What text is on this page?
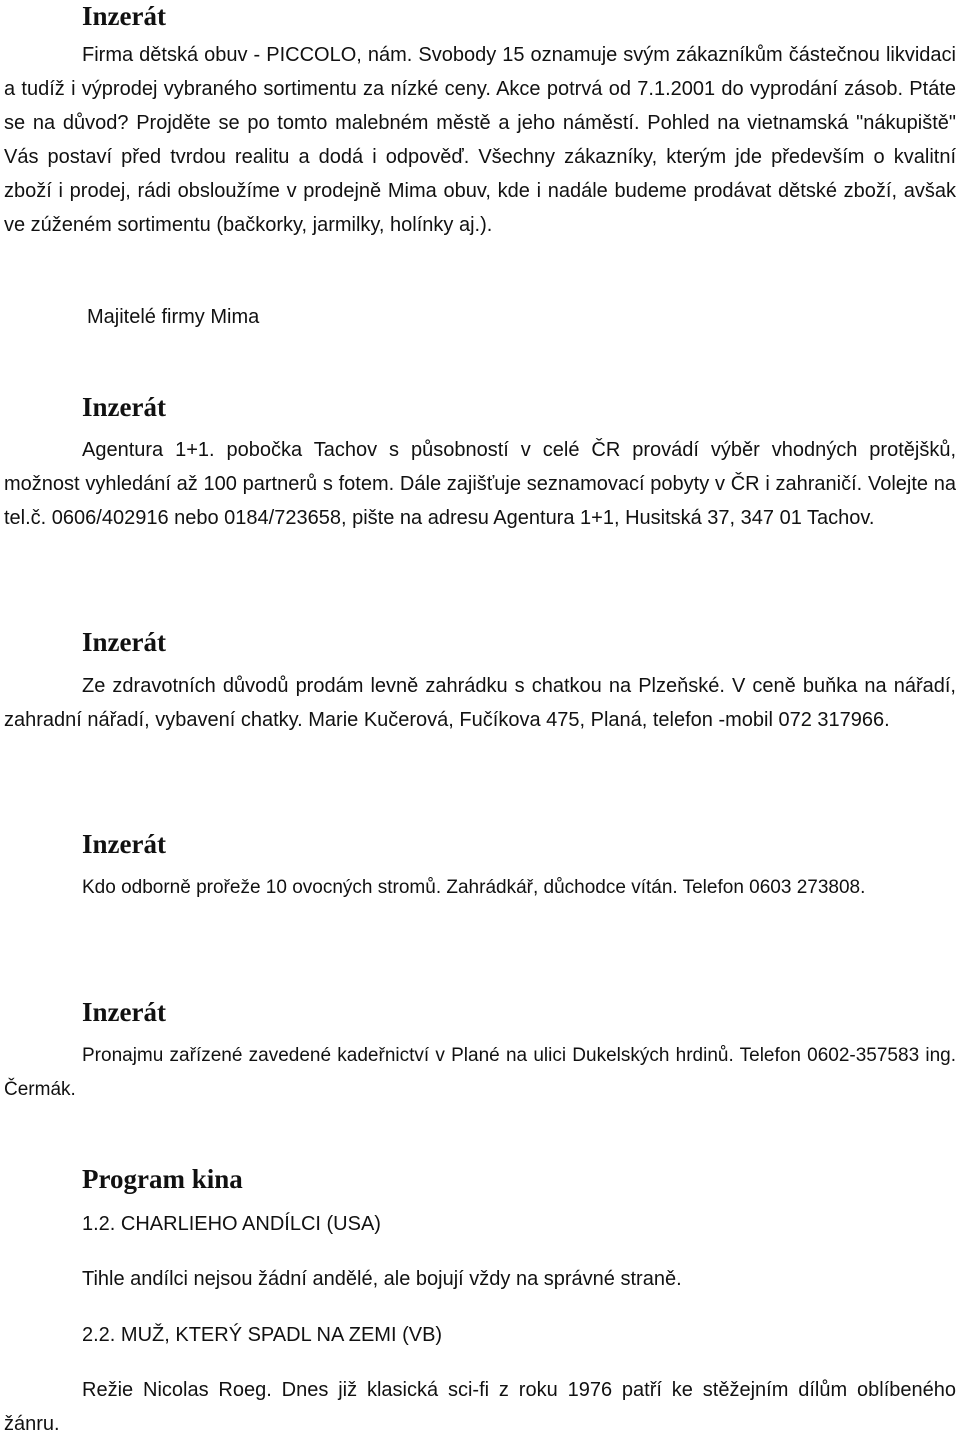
Inzerát

Firma dětská obuv - PICCOLO, nám. Svobody 15 oznamuje svým zákazníkům částečnou likvidaci a tudíž i výprodej vybraného sortimentu za nízké ceny. Akce potrvá od 7.1.2001 do vyprodání zásob. Ptáte se na důvod? Projděte se po tomto malebném městě a jeho náměstí. Pohled na vietnamská "nákupiště" Vás postaví před tvrdou realitu a dodá i odpověď. Všechny zákazníky, kterým jde především o kvalitní zboží i prodej, rádi obsloužíme v prodejně Mima obuv, kde i nadále budeme prodávat dětské zboží, avšak ve zúženém sortimentu (bačkorky, jarmilky, holínky aj.).

Majitelé firmy Mima

Inzerát

Agentura 1+1. pobočka Tachov s působností v celé ČR provádí výběr vhodných protějšků, možnost vyhledání až 100 partnerů s fotem. Dále zajišťuje seznamovací pobyty v ČR i zahraničí. Volejte na tel.č. 0606/402916 nebo 0184/723658, pište na adresu Agentura 1+1, Husitská 37, 347 01 Tachov.

Inzerát

Ze zdravotních důvodů prodám levně zahrádku s chatkou na Plzeňské. V ceně buňka na nářadí, zahradní nářadí, vybavení chatky. Marie Kučerová, Fučíkova 475, Planá, telefon -mobil 072 317966.

Inzerát

Kdo odborně prořeže 10 ovocných stromů. Zahrádkář, důchodce vítán. Telefon 0603 273808.

Inzerát

Pronajmu zařízené zavedené kadeřnictví v Plané na ulici Dukelských hrdinů. Telefon 0602-357583 ing. Čermák.

Program kina

1.2. CHARLIEHO ANDÍLCI (USA)

Tihle andílci nejsou žádní andělé, ale bojují vždy na správné straně.

2.2. MUŽ, KTERÝ SPADL NA ZEMI (VB)

Režie Nicolas Roeg. Dnes již klasická sci-fi z roku 1976 patří ke stěžejním dílům oblíbeného žánru.
